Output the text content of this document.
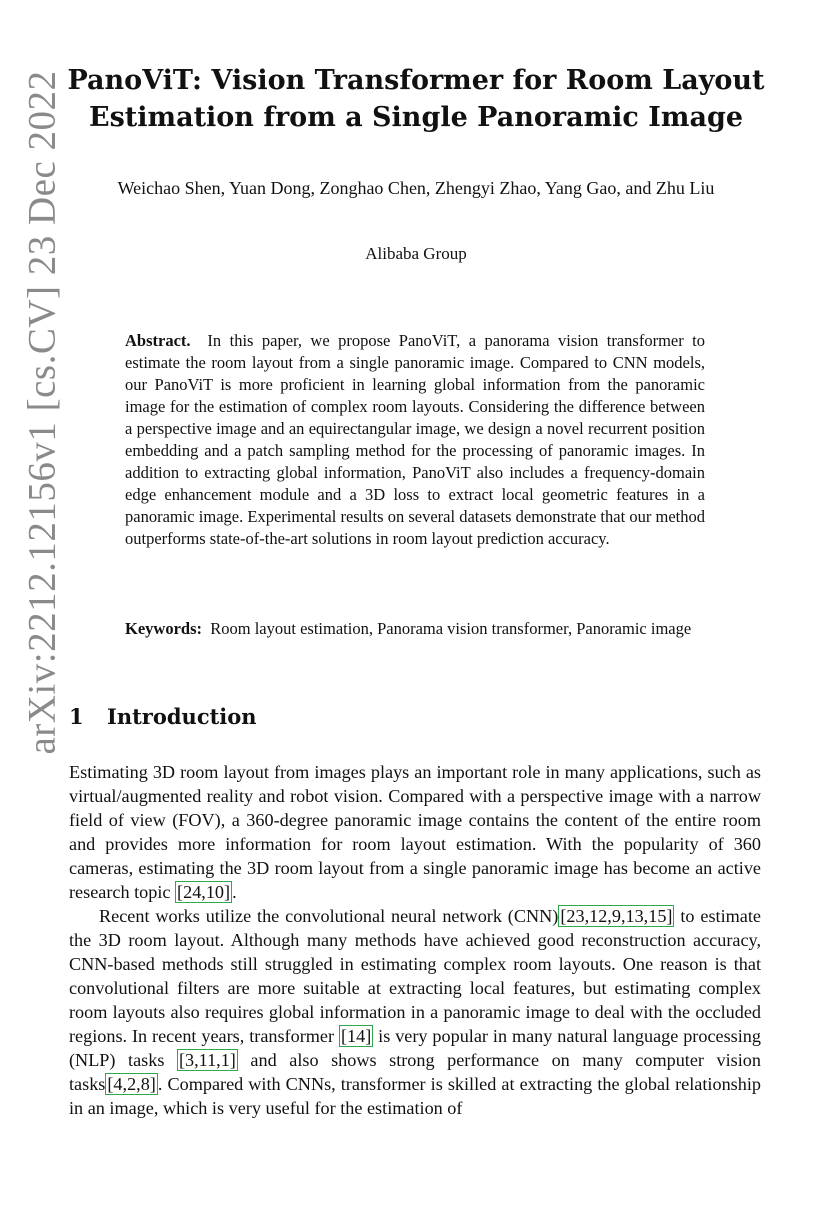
arXiv:2212.12156v1 [cs.CV] 23 Dec 2022 PanoViT: Vision Transformer for Room Layout Estimation from a Single Panoramic Image
Weichao Shen, Yuan Dong, Zonghao Chen, Zhengyi Zhao, Yang Gao, and Zhu Liu
Alibaba Group

Abstract. In this paper, we propose PanoViT, a panorama vision transformer to estimate the room layout from a single panoramic image. Compared to CNN models, our PanoViT is more proficient in learning global information from the panoramic image for the estimation of complex room layouts. Considering the difference between a perspective image and an equirectangular image, we design a novel recurrent position embedding and a patch sampling method for the processing of panoramic images. In addition to extracting global information, PanoViT also includes a frequency-domain edge enhancement module and a 3D loss to extract local geometric features in a panoramic image. Experimental results on several datasets demonstrate that our method outperforms state-of-the-art solutions in room layout prediction accuracy.

Keywords: Room layout estimation, Panorama vision transformer, Panoramic image

1 Introduction

Estimating 3D room layout from images plays an important role in many applications, such as virtual/augmented reality and robot vision. Compared with a perspective image with a narrow field of view (FOV), a 360-degree panoramic image contains the content of the entire room and provides more information for room layout estimation. With the popularity of 360 cameras, estimating the 3D room layout from a single panoramic image has become an active research topic [24,10] .

Recent works utilize the convolutional neural network (CNN) [23,12,9,13,15] to estimate the 3D room layout. Although many methods have achieved good reconstruction accuracy, CNN-based methods still struggled in estimating complex room layouts. One reason is that convolutional filters are more suitable at extracting local features, but estimating complex room layouts also requires global information in a panoramic image to deal with the occluded regions. In recent years, transformer [14] is very popular in many natural language processing (NLP) tasks [3,11,1] and also shows strong performance on many computer vision tasks [4,2,8] . Compared with CNNs, transformer is skilled at extracting the global relationship in an image, which is very useful for the estimation of
